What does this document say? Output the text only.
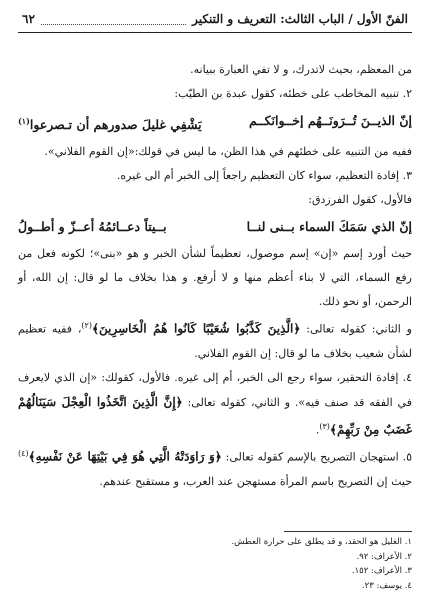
الفنّ الأول / الباب الثالث: التعريف و التنكير
٦٢

من المعظم، بحيث لاتدرك، و لا تفي العبارة ببيانه.

٢. تنبيه المخاطب على خطئه، كقول عبدة بن الطيّب:

إنّ الذيــنَ تُــرَونَــهُم إخــوانَكــم
يَشْفِي غليلَ صدورهم أن تـصرعوا$^{(١)}$

ففيه من التنبيه على خطئهم في هذا الظن، ما ليس في قولك:«إن القوم الفلاني».

٣. إفادة التعظيم، سواء كان التعظيم راجعاً إلى الخبر أم الى غيره.

فالأول، كقول الفرزدق:

إنّ الذي سَمَكَ السماء بــنى لنــا
بــيتاً دعــائمُهُ أعــزّ و أطــولُ

حيث أورد إسم «إن» إسم موصول، تعظيماً لشأن الخبر و هو «بنى»؛ لكونه فعل من رفع السماء، التي لا بناء أعظم منها و لا أرفع. و هذا بخلاف ما لو قال: إن الله، أو الرحمن، أو نحو ذلك.

و الثاني: كقوله تعالى: ﴿الَّذِينَ كَذَّبُوا شُعَيْبًا كَانُوا هُمُ الْخَاسِرِينَ﴾$^{(٢)}$، ففيه تعظيم لشأن شعيب بخلاف ما لو قال: إن القوم الفلاني.

٤. إفادة التحقير، سواء رجع الى الخبر، أم إلى غيره. فالأول، كقولك: «إن الذي لايعرف في الفقه قد صنف فيه». و الثاني، كقوله تعالى: ﴿إِنَّ الَّذِينَ اتَّخَذُوا الْعِجْلَ سَيَنَالُهُمْ غَضَبٌ مِنْ رَبِّهِمْ﴾$^{(٣)}$.

٥. استهجان التصريح بالإسم كقوله تعالى: ﴿وَ رَاوَدَتْهُ الَّتِي هُوَ فِي بَيْتِهَا عَنْ نَفْسِهِ﴾$^{(٤)}$ حيث إن التصريح باسم المرأة مستهجن عند العرب، و مستقبح عندهم.

١. الغليل هو الحقد، و قد يطلق على حرارة العطش.
٢. الأعراف: ٩٢.
٣. الأعراف: ١٥٢.
٤. يوسف: ٢٣.
